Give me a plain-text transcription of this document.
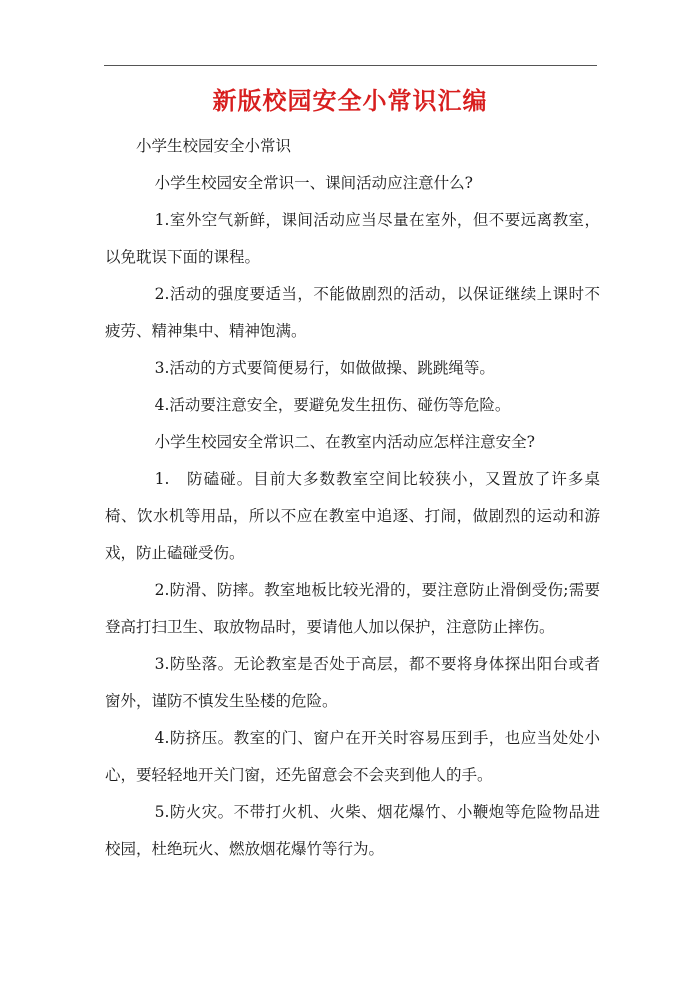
新版校园安全小常识汇编

小学生校园安全小常识

小学生校园安全常识一、课间活动应注意什么?

1.室外空气新鲜，课间活动应当尽量在室外，但不要远离教室，以免耽误下面的课程。

2.活动的强度要适当，不能做剧烈的活动，以保证继续上课时不疲劳、精神集中、精神饱满。

3.活动的方式要简便易行，如做做操、跳跳绳等。

4.活动要注意安全，要避免发生扭伤、碰伤等危险。

小学生校园安全常识二、在教室内活动应怎样注意安全?

1.　防磕碰。目前大多数教室空间比较狭小，又置放了许多桌椅、饮水机等用品，所以不应在教室中追逐、打闹，做剧烈的运动和游戏，防止磕碰受伤。

2.防滑、防摔。教室地板比较光滑的，要注意防止滑倒受伤;需要登高打扫卫生、取放物品时，要请他人加以保护，注意防止摔伤。

3.防坠落。无论教室是否处于高层，都不要将身体探出阳台或者窗外，谨防不慎发生坠楼的危险。

4.防挤压。教室的门、窗户在开关时容易压到手，也应当处处小心，要轻轻地开关门窗，还先留意会不会夹到他人的手。

5.防火灾。不带打火机、火柴、烟花爆竹、小鞭炮等危险物品进校园，杜绝玩火、燃放烟花爆竹等行为。
